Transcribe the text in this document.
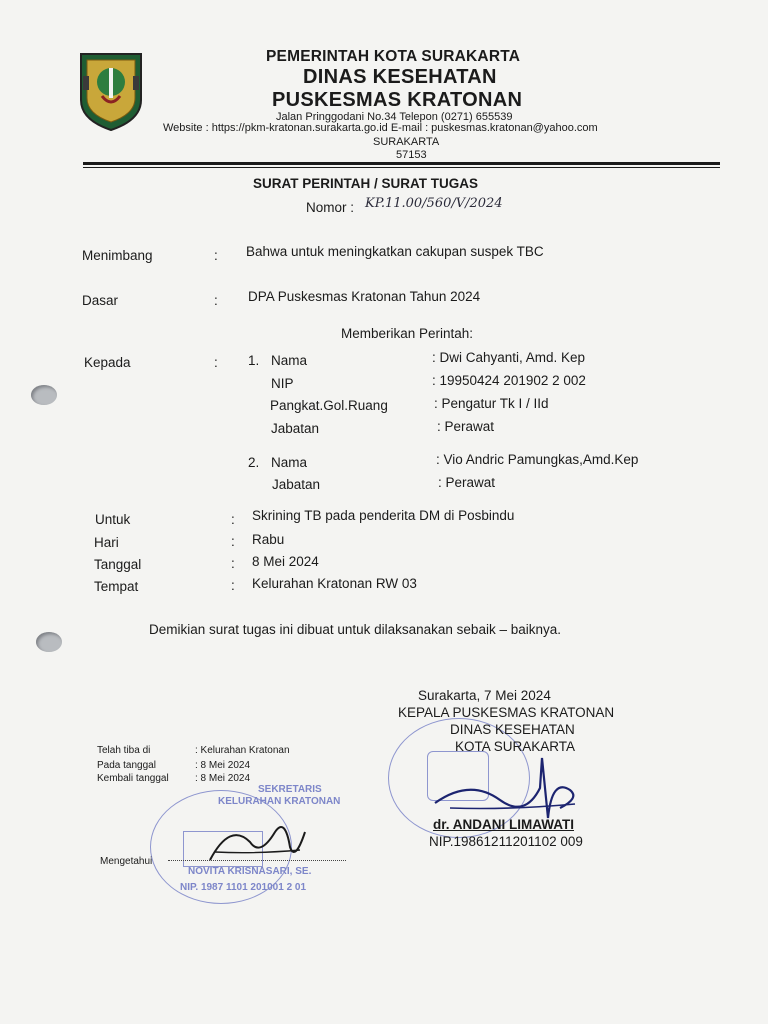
PEMERINTAH KOTA SURAKARTA
DINAS KESEHATAN
PUSKESMAS KRATONAN
Jalan Pringgodani No.34 Telepon (0271) 655539
Website : https://pkm-kratonan.surakarta.go.id E-mail : puskesmas.kratonan@yahoo.com
SURAKARTA
57153
SURAT PERINTAH / SURAT TUGAS
Nomor : KP.11.00/560/V/2024
Menimbang	: Bahwa untuk meningkatkan cakupan suspek TBC
Dasar	: DPA Puskesmas Kratonan Tahun 2024
Memberikan Perintah:
Kepada	: 1. Nama	: Dwi Cahyanti, Amd. Kep
NIP	: 19950424 201902 2 002
Pangkat.Gol.Ruang	: Pengatur Tk I / IId
Jabatan	: Perawat
2. Nama	: Vio Andric Pamungkas,Amd.Kep
Jabatan	: Perawat
Untuk	: Skrining TB pada penderita DM di Posbindu
Hari	: Rabu
Tanggal	: 8 Mei 2024
Tempat	: Kelurahan Kratonan RW 03
Demikian surat tugas ini dibuat untuk dilaksanakan sebaik – baiknya.
Surakarta, 7 Mei 2024
KEPALA PUSKESMAS KRATONAN
DINAS KESEHATAN
KOTA SURAKARTA
dr. ANDANI LIMAWATI
NIP.19861211201102 009
Telah tiba di	: Kelurahan Kratonan
Pada tanggal	: 8 Mei 2024
Kembali tanggal	: 8 Mei 2024
SEKRETARIS
KELURAHAN KRATONAN
Mengetahui
NOVITA KRISNASARI, SE.
NIP. 1987 1101 201001 2 01
